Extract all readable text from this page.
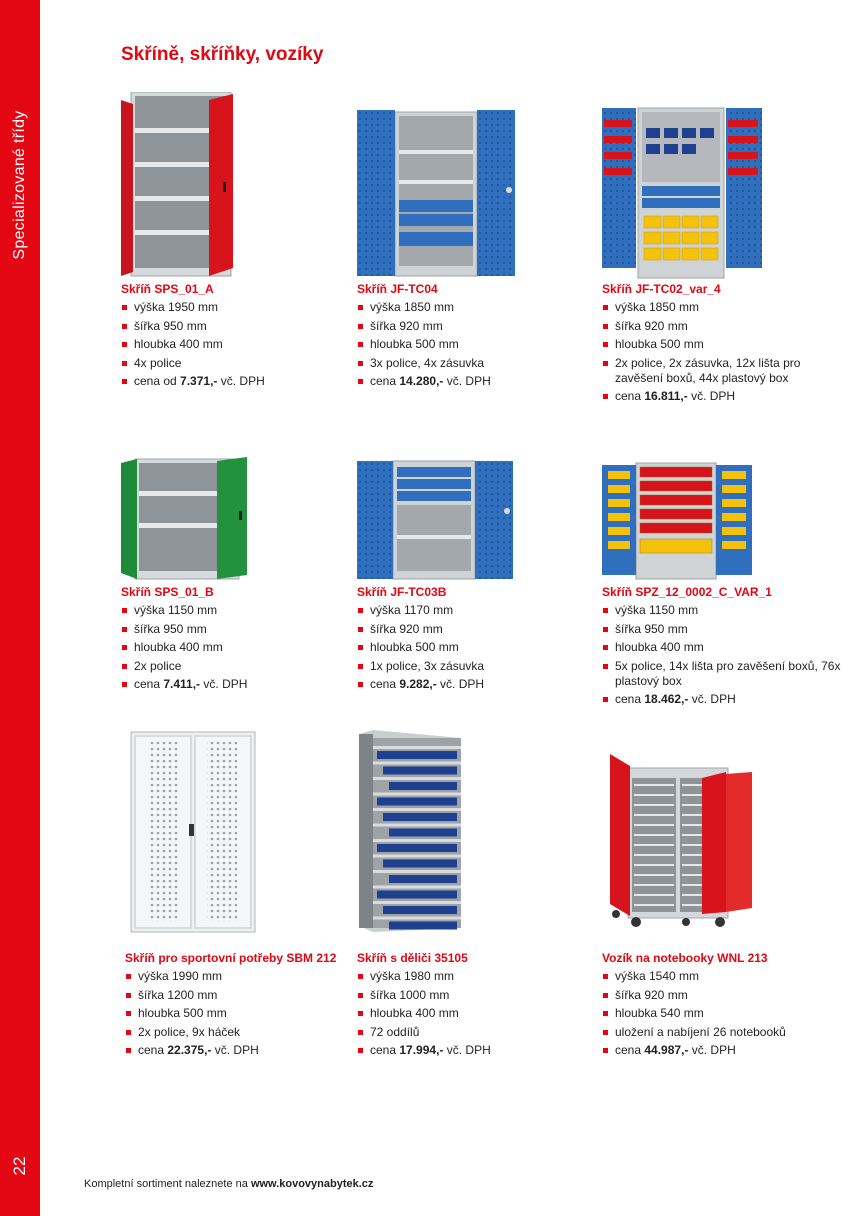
Specializované třídy
22
Skříně, skříňky, vozíky
Skříň SPS_01_A
výška 1950 mm
šířka 950 mm
hloubka 400 mm
4x police
cena od 7.371,- vč. DPH
Skříň JF-TC04
výška 1850 mm
šířka 920 mm
hloubka 500 mm
3x police, 4x zásuvka
cena 14.280,- vč. DPH
Skříň JF-TC02_var_4
výška 1850 mm
šířka 920 mm
hloubka 500 mm
2x police, 2x zásuvka, 12x lišta pro zavěšení boxů, 44x plastový box
cena 16.811,- vč. DPH
Skříň SPS_01_B
výška 1150 mm
šířka 950 mm
hloubka 400 mm
2x police
cena 7.411,- vč. DPH
Skříň JF-TC03B
výška 1170 mm
šířka 920 mm
hloubka 500 mm
1x police, 3x zásuvka
cena 9.282,- vč. DPH
Skříň SPZ_12_0002_C_VAR_1
výška 1150 mm
šířka 950 mm
hloubka 400 mm
5x police, 14x lišta pro zavěšení boxů, 76x plastový box
cena 18.462,- vč. DPH
Skříň pro sportovní potřeby SBM 212
výška 1990 mm
šířka 1200 mm
hloubka 500 mm
2x police, 9x háček
cena 22.375,- vč. DPH
Skříň s děliči 35105
výška 1980 mm
šířka 1000 mm
hloubka 400 mm
72 oddílů
cena 17.994,- vč. DPH
Vozík na notebooky WNL 213
výška 1540 mm
šířka 920 mm
hloubka 540 mm
uložení a nabíjení 26 notebooků
cena 44.987,- vč. DPH
Kompletní sortiment naleznete na www.kovovynabytek.cz
